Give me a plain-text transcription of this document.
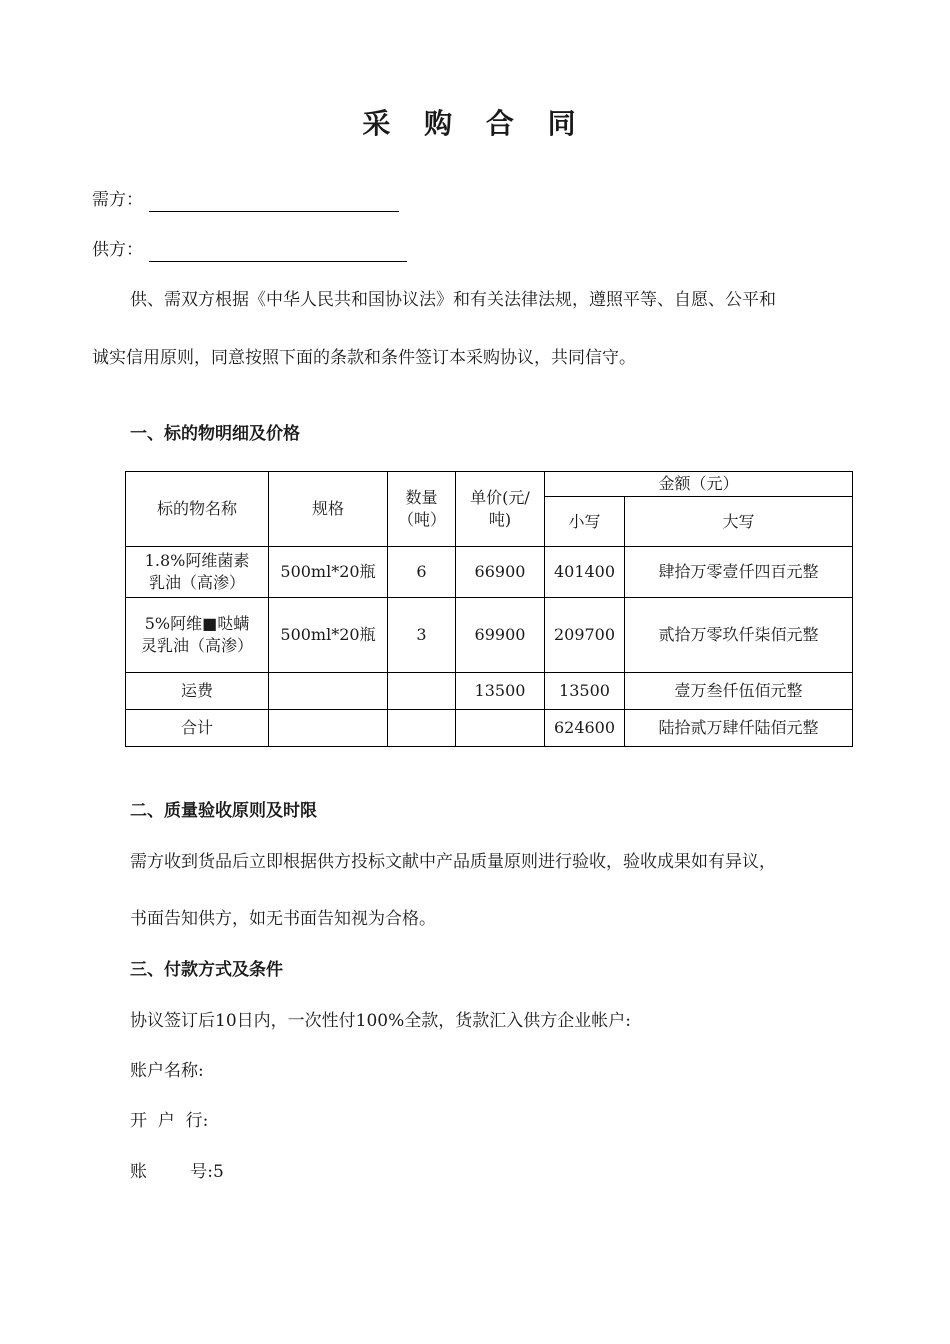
采 购 合 同
需方：
供方：
供、需双方根据《中华人民共和国协议法》和有关法律法规，遵照平等、自愿、公平和
诚实信用原则，同意按照下面的条款和条件签订本采购协议，共同信守。
一、标的物明细及价格
标的物名称	规格	数量（吨）	单价(元/吨)	金额（元）	
				小写	大写
1.8%阿维菌素乳油（高渗）	500ml*20瓶	6	66900	401400	肆拾万零壹仟四百元整
5%阿维■哒螨灵乳油（高渗）	500ml*20瓶	3	69900	209700	贰拾万零玖仟柒佰元整
运费			13500	13500	壹万叁仟伍佰元整
合计				624600	陆拾贰万肆仟陆佰元整
二、质量验收原则及时限
需方收到货品后立即根据供方投标文献中产品质量原则进行验收，验收成果如有异议，
书面告知供方，如无书面告知视为合格。
三、付款方式及条件
协议签订后10日内，一次性付100%全款，货款汇入供方企业帐户:
账户名称:
开  户  行:
账        号:5
